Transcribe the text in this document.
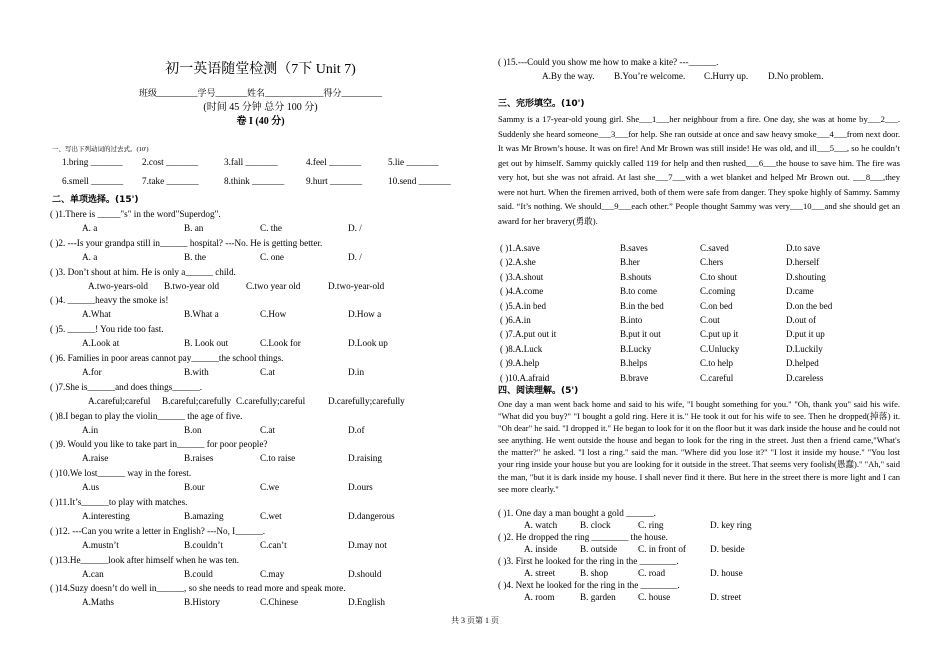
初一英语随堂检测（7下 Unit 7)
班级_________学号_______姓名_____________得分_________
(时间 45 分钟 总分 100 分)
卷 I (40 分)
一、写出下列动词的过去式。(10')
1.bring _______ 2.cost _______	3.fall _______	4.feel _______	5.lie _______
6.smell _______ 7.take _______	8.think _______ 9.hurt _______	10.send _______
二、单项选择。(15')
( )1.There is _____"s" in the word"Superdog".
A. a	B. an	C. the	D. /
( )2. ---Is your grandpa still in______ hospital? ---No. He is getting better.
A. a	B. the	C. one	D. /
( )3. Don’t shout at him. He is only a______ child.
A.two-years-old B.two-year old	C.two year old	D.two-year-old
( )4. ______heavy the smoke is!
A.What	B.What a	C.How	D.How a
( )5. ______! You ride too fast.
A.Look at	B. Look out	C.Look for	D.Look up
( )6. Families in poor areas cannot pay______the school things.
A.for	B.with	C.at	D.in
( )7.She is______and does things______.
A.careful;careful B.careful;carefully C.carefully;careful D.carefully;carefully
( )8.I began to play the violin______ the age of five.
A.in	B.on	C.at	D.of
( )9. Would you like to take part in______ for poor people?
A.raise	B.raises	C.to raise	D.raising
( )10.We lost______ way in the forest.
A.us	B.our	C.we	D.ours
( )11.It’s______to play with matches.
A.interesting	B.amazing	C.wet	D.dangerous
( )12. ---Can you write a letter in English? ---No, I______.
A.mustn’t	B.couldn’t	C.can’t	D.may not
( )13.He______look after himself when he was ten.
A.can	B.could	C.may	D.should
( )14.Suzy doesn’t do well in______, so she needs to read more and speak more.
A.Maths	B.History	C.Chinese	D.English
( )15.---Could you show me how to make a kite? ---______.
A.By the way. B.You’re welcome. C.Hurry up. D.No problem.
三、完形填空。(10')
Sammy is a 17-year-old young girl. She___1___her neighbour from a fire. One day, she was at home by___2___. Suddenly she heard someone___3___for help. She ran outside at once and saw heavy smoke___4___from next door. It was Mr Brown’s house. It was on fire! And Mr Brown was still inside! He was old, and ill___5___, so he couldn’t get out by himself. Sammy quickly called 119 for help and then rushed___6___the house to save him. The fire was very hot, but she was not afraid. At last she___7___with a wet blanket and helped Mr Brown out. ___8___,they were not hurt. When the firemen arrived, both of them were safe from danger. They spoke highly of Sammy. Sammy said. “It’s nothing. We should___9___each other.” People thought Sammy was very___10___and she should get an award for her bravery(勇敢).
( )1.A.save	B.saves	C.saved	D.to save
( )2.A.she	B.her	C.hers	D.herself
( )3.A.shout	B.shouts	C.to shout	D.shouting
( )4.A.come	B.to come	C.coming	D.came
( )5.A.in bed	B.in the bed	C.on bed	D.on the bed
( )6.A.in	B.into	C.out	D.out of
( )7.A.put out it	B.put it out	C.put up it	D.put it up
( )8.A.Luck	B.Lucky	C.Unlucky	D.Luckily
( )9.A.help	B.helps	C.to help	D.helped
( )10.A.afraid	B.brave	C.careful	D.careless
四、阅读理解。(5')
One day a man went back home and said to his wife, "I bought something for you." "Oh, thank you" said his wife. "What did you buy?" "I bought a gold ring. Here it is." He took it out for his wife to see. Then he dropped(掉落) it. "Oh dear" he said. "I dropped it." He began to look for it on the floor but it was dark inside the house and he could not see anything. He went outside the house and began to look for the ring in the street. Just then a friend came,"What's the matter?" he asked. "I lost a ring." said the man. "Where did you lose it?" "I lost it inside my house." "You lost your ring inside your house but you are looking for it outside in the street. That seems very foolish(愚蠢)." "Ah," said the man, "but it is dark inside my house. I shall never find it there. But here in the street there is more light and I can see more clearly."
( )1. One day a man bought a gold ______.
A. watch B. clock	C. ring	D. key ring
( )2. He dropped the ring ________ the house.
A. inside B. outside C. in front of	D. beside
( )3. First he looked for the ring in the ________.
A. street	B. shop	C. road	D. house
( )4. Next he looked for the ring in the ________.
A. room	B. garden C. house	D. street
共 3 页第 1 页
